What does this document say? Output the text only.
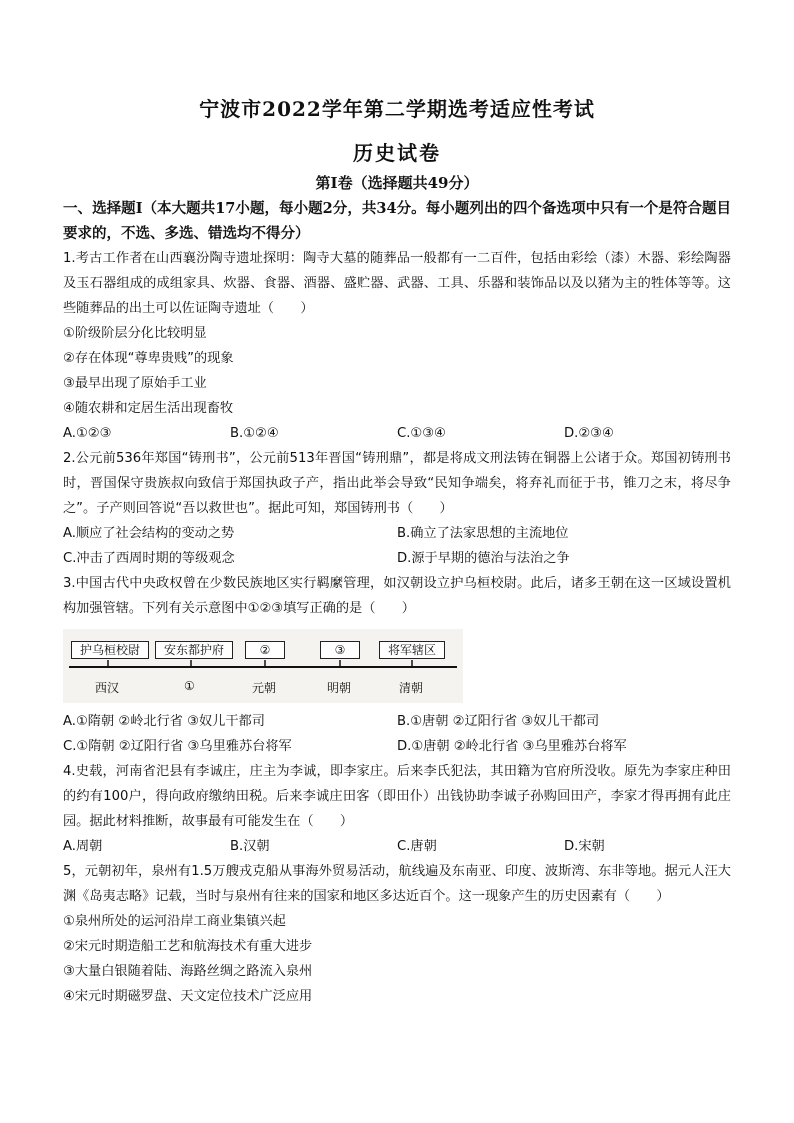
宁波市2022学年第二学期选考适应性考试
历史试卷
第Ⅰ卷（选择题共49分）
一、选择题Ⅰ（本大题共17小题，每小题2分，共34分。每小题列出的四个备选项中只有一个是符合题目要求的，不选、多选、错选均不得分）
1.考古工作者在山西襄汾陶寺遗址探明：陶寺大墓的随葬品一般都有一二百件，包括由彩绘（漆）木器、彩绘陶器及玉石器组成的成组家具、炊器、食器、酒器、盛贮器、武器、工具、乐器和装饰品以及以猪为主的牲体等等。这些随葬品的出土可以佐证陶寺遗址（　　）
①阶级阶层分化比较明显
②存在体现“尊卑贵贱”的现象
③最早出现了原始手工业
④随农耕和定居生活出现畜牧
A.①②③	B.①②④	C.①③④	D.②③④
2.公元前536年郑国“铸刑书”，公元前513年晋国“铸刑鼎”，都是将成文刑法铸在铜器上公诸于众。郑国初铸刑书时，晋国保守贵族叔向致信于郑国执政子产，指出此举会导致“民知争端矣，将弃礼而征于书，锥刀之末，将尽争之”。子产则回答说“吾以救世也”。据此可知，郑国铸刑书（　　）
A.顺应了社会结构的变动之势	B.确立了法家思想的主流地位
C.冲击了西周时期的等级观念	D.源于早期的德治与法治之争
3.中国古代中央政权曾在少数民族地区实行羁縻管理，如汉朝设立护乌桓校尉。此后，诸多王朝在这一区域设置机构加强管辖。下列有关示意图中①②③填写正确的是（　　）
护乌桓校尉	安东都护府	②	③	将军辖区
西汉	①	元朝	明朝	清朝
A.①隋朝 ②岭北行省 ③奴儿干都司	B.①唐朝 ②辽阳行省 ③奴儿干都司
C.①隋朝 ②辽阳行省 ③乌里雅苏台将军	D.①唐朝 ②岭北行省 ③乌里雅苏台将军
4.史载，河南省汜县有李诚庄，庄主为李诚，即李家庄。后来李氏犯法，其田籍为官府所没收。原先为李家庄种田的约有100户，得向政府缴纳田税。后来李诚庄田客（即田仆）出钱协助李诚子孙购回田产，李家才得再拥有此庄园。据此材料推断，故事最有可能发生在（　　）
A.周朝	B.汉朝	C.唐朝	D.宋朝
5，元朝初年，泉州有1.5万艘戎克船从事海外贸易活动，航线遍及东南亚、印度、波斯湾、东非等地。据元人汪大渊《岛夷志略》记载，当时与泉州有往来的国家和地区多达近百个。这一现象产生的历史因素有（　　）
①泉州所处的运河沿岸工商业集镇兴起
②宋元时期造船工艺和航海技术有重大进步
③大量白银随着陆、海路丝绸之路流入泉州
④宋元时期磁罗盘、天文定位技术广泛应用
